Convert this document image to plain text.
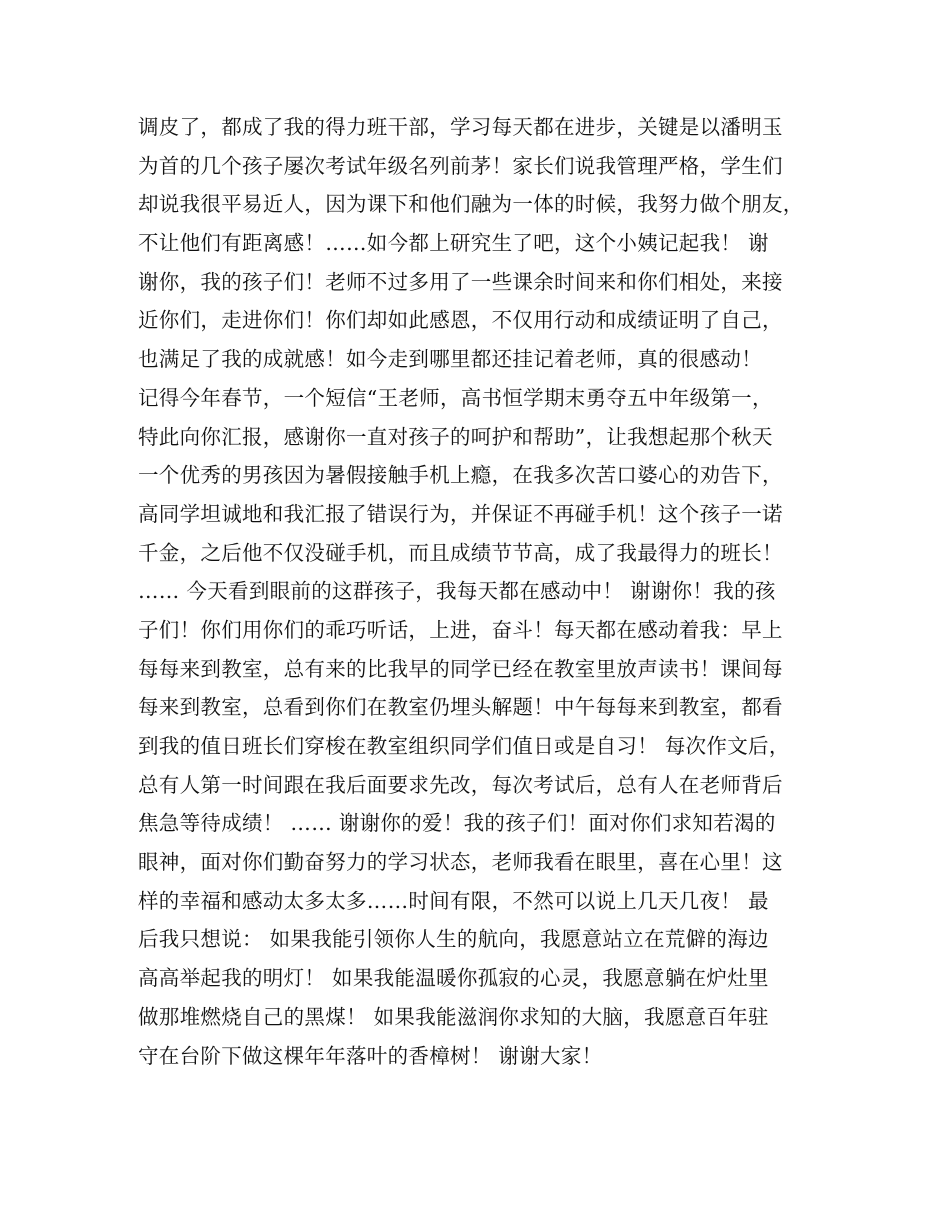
调皮了，都成了我的得力班干部，学习每天都在进步，关键是以潘明玉
为首的几个孩子屡次考试年级名列前茅！家长们说我管理严格，学生们
却说我很平易近人，因为课下和他们融为一体的时候，我努力做个朋友，
不让他们有距离感！……如今都上研究生了吧，这个小姨记起我！ 谢
谢你，我的孩子们！老师不过多用了一些课余时间来和你们相处，来接
近你们，走进你们！你们却如此感恩，不仅用行动和成绩证明了自己，
也满足了我的成就感！如今走到哪里都还挂记着老师，真的很感动！
记得今年春节，一个短信“王老师，高书恒学期末勇夺五中年级第一，
特此向你汇报，感谢你一直对孩子的呵护和帮助”，让我想起那个秋天
一个优秀的男孩因为暑假接触手机上瘾，在我多次苦口婆心的劝告下，
高同学坦诚地和我汇报了错误行为，并保证不再碰手机！这个孩子一诺
千金，之后他不仅没碰手机，而且成绩节节高，成了我最得力的班长！
…… 今天看到眼前的这群孩子，我每天都在感动中！ 谢谢你！我的孩
子们！你们用你们的乖巧听话，上进，奋斗！每天都在感动着我：早上
每每来到教室，总有来的比我早的同学已经在教室里放声读书！课间每
每来到教室，总看到你们在教室仍埋头解题！中午每每来到教室，都看
到我的值日班长们穿梭在教室组织同学们值日或是自习！ 每次作文后，
总有人第一时间跟在我后面要求先改，每次考试后，总有人在老师背后
焦急等待成绩！ …… 谢谢你的爱！我的孩子们！面对你们求知若渴的
眼神，面对你们勤奋努力的学习状态，老师我看在眼里，喜在心里！这
样的幸福和感动太多太多……时间有限，不然可以说上几天几夜！ 最
后我只想说： 如果我能引领你人生的航向，我愿意站立在荒僻的海边
高高举起我的明灯！ 如果我能温暖你孤寂的心灵，我愿意躺在炉灶里
做那堆燃烧自己的黑煤！ 如果我能滋润你求知的大脑，我愿意百年驻
守在台阶下做这棵年年落叶的香樟树！ 谢谢大家！
